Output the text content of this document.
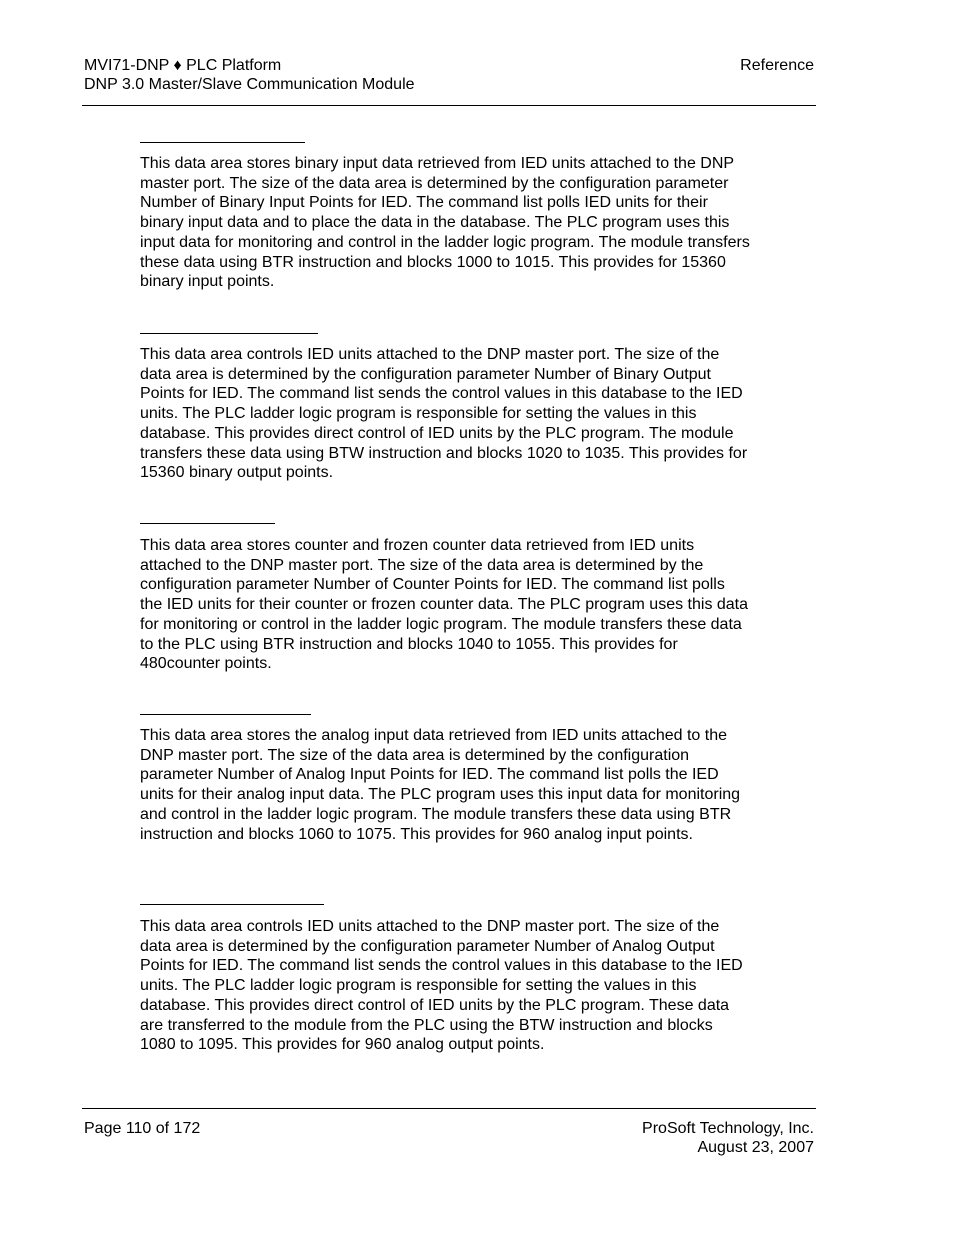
MVI71-DNP ♦ PLC Platform
DNP 3.0 Master/Slave Communication Module
Reference

This data area stores binary input data retrieved from IED units attached to the DNP master port. The size of the data area is determined by the configuration parameter Number of Binary Input Points for IED. The command list polls IED units for their binary input data and to place the data in the database. The PLC program uses this input data for monitoring and control in the ladder logic program. The module transfers these data using BTR instruction and blocks 1000 to 1015. This provides for 15360 binary input points.

This data area controls IED units attached to the DNP master port. The size of the data area is determined by the configuration parameter Number of Binary Output Points for IED. The command list sends the control values in this database to the IED units. The PLC ladder logic program is responsible for setting the values in this database. This provides direct control of IED units by the PLC program. The module transfers these data using BTW instruction and blocks 1020 to 1035. This provides for 15360 binary output points.

This data area stores counter and frozen counter data retrieved from IED units attached to the DNP master port. The size of the data area is determined by the configuration parameter Number of Counter Points for IED. The command list polls the IED units for their counter or frozen counter data. The PLC program uses this data for monitoring or control in the ladder logic program. The module transfers these data to the PLC using BTR instruction and blocks 1040 to 1055. This provides for 480counter points.

This data area stores the analog input data retrieved from IED units attached to the DNP master port. The size of the data area is determined by the configuration parameter Number of Analog Input Points for IED. The command list polls the IED units for their analog input data. The PLC program uses this input data for monitoring and control in the ladder logic program. The module transfers these data using BTR instruction and blocks 1060 to 1075. This provides for 960 analog input points.

This data area controls IED units attached to the DNP master port. The size of the data area is determined by the configuration parameter Number of Analog Output Points for IED. The command list sends the control values in this database to the IED units. The PLC ladder logic program is responsible for setting the values in this database. This provides direct control of IED units by the PLC program. These data are transferred to the module from the PLC using the BTW instruction and blocks 1080 to 1095. This provides for 960 analog output points.

Page 110 of 172	ProSoft Technology, Inc.
August 23, 2007
